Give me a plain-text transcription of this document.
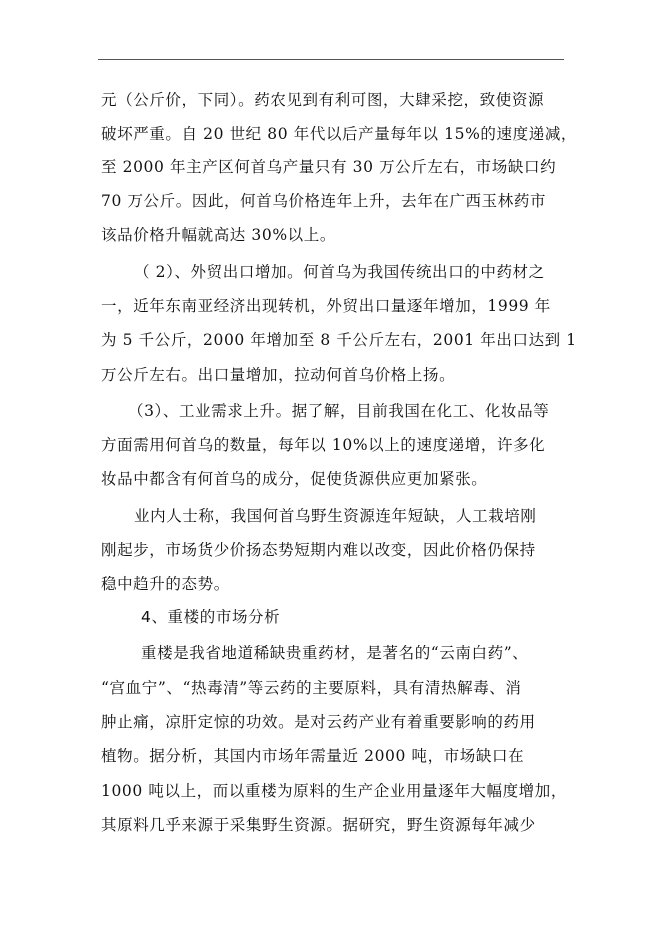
元（公斤价，下同）。药农见到有利可图，大肆采挖，致使资源
破坏严重。自 20 世纪 80 年代以后产量每年以 15%的速度递减，
至 2000 年主产区何首乌产量只有 30 万公斤左右，市场缺口约
70 万公斤。因此，何首乌价格连年上升，去年在广西玉林药市
该品价格升幅就高达 30%以上。
（ 2）、外贸出口增加。何首乌为我国传统出口的中药材之
一，近年东南亚经济出现转机，外贸出口量逐年增加，1999 年
为 5 千公斤，2000 年增加至 8 千公斤左右，2001 年出口达到 1
万公斤左右。出口量增加，拉动何首乌价格上扬。
（3）、工业需求上升。据了解，目前我国在化工、化妆品等
方面需用何首乌的数量，每年以 10%以上的速度递增，许多化
妆品中都含有何首乌的成分，促使货源供应更加紧张。
业内人士称，我国何首乌野生资源连年短缺，人工栽培刚
刚起步，市场货少价扬态势短期内难以改变，因此价格仍保持
稳中趋升的态势。
4、重楼的市场分析
重楼是我省地道稀缺贵重药材，是著名的“云南白药”、
“宫血宁”、“热毒清”等云药的主要原料，具有清热解毒、消
肿止痛，凉肝定惊的功效。是对云药产业有着重要影响的药用
植物。据分析，其国内市场年需量近 2000 吨，市场缺口在
1000 吨以上，而以重楼为原料的生产企业用量逐年大幅度增加，
其原料几乎来源于采集野生资源。据研究，野生资源每年减少
